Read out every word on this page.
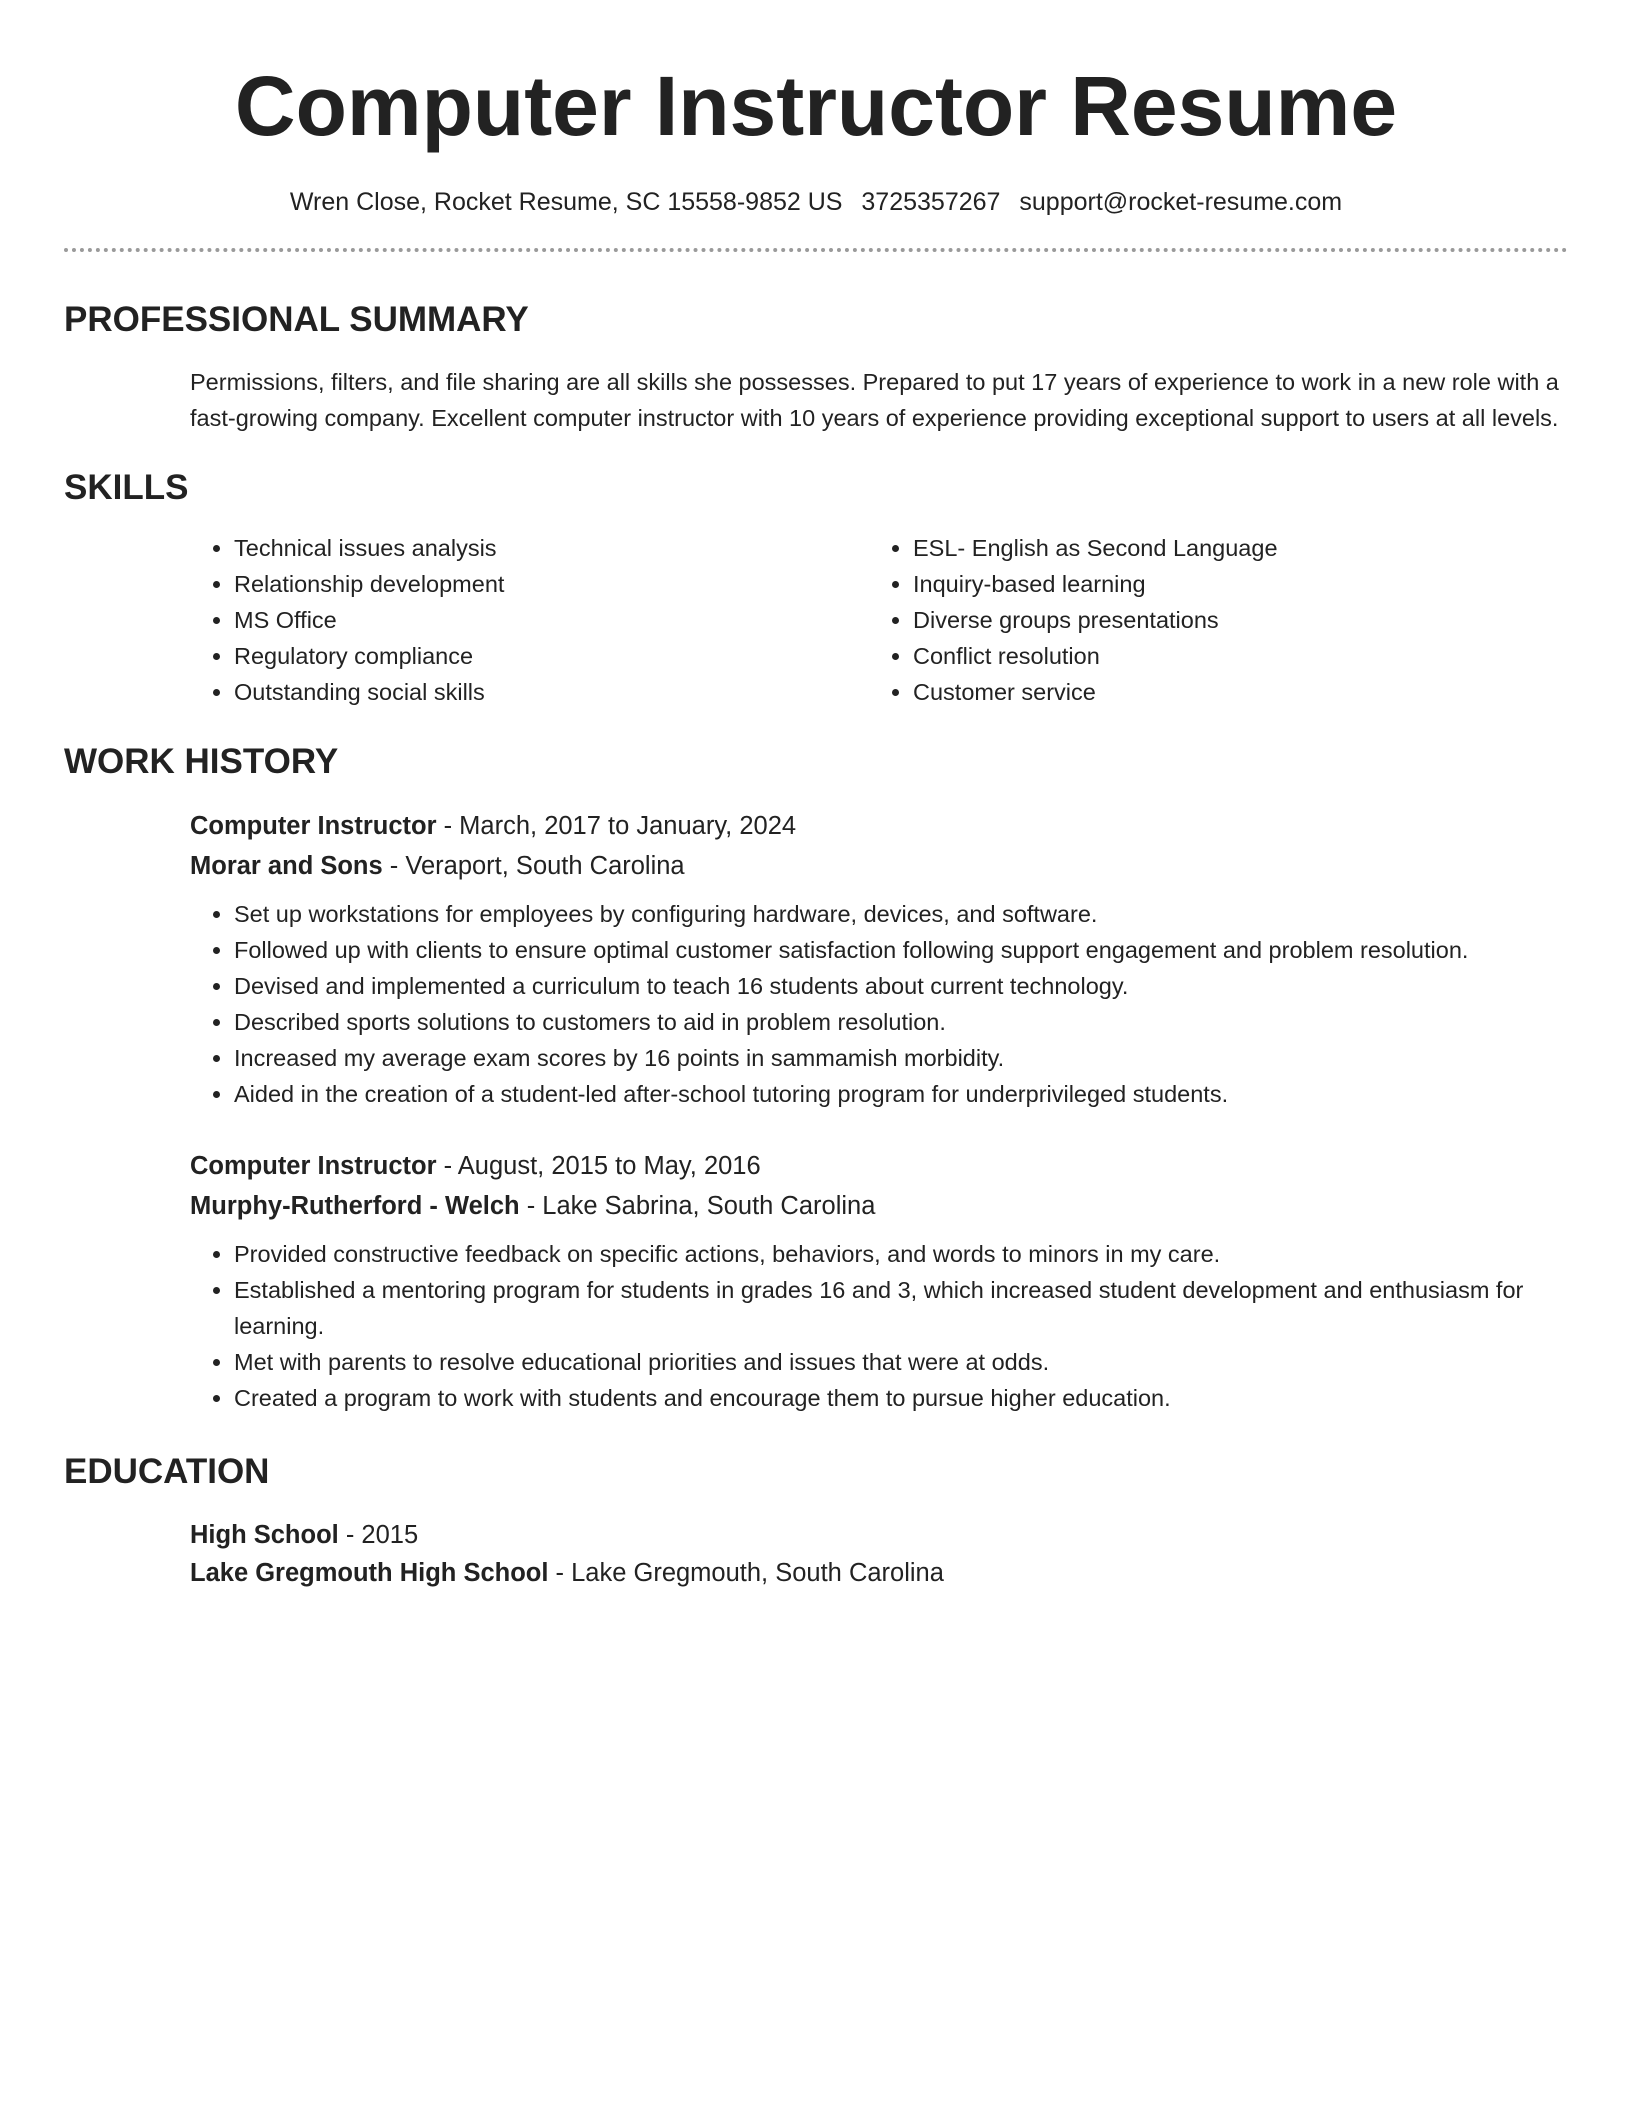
Computer Instructor Resume
Wren Close, Rocket Resume, SC 15558-9852 US 3725357267 support@rocket-resume.com
PROFESSIONAL SUMMARY

Permissions, filters, and file sharing are all skills she possesses. Prepared to put 17 years of experience to work in a new role with a fast-growing company. Excellent computer instructor with 10 years of experience providing exceptional support to users at all levels.

SKILLS
• Technical issues analysis
• Relationship development
• MS Office
• Regulatory compliance
• Outstanding social skills
• ESL- English as Second Language
• Inquiry-based learning
• Diverse groups presentations
• Conflict resolution
• Customer service
WORK HISTORY
Computer Instructor - March, 2017 to January, 2024
Morar and Sons - Veraport, South Carolina
• Set up workstations for employees by configuring hardware, devices, and software.
• Followed up with clients to ensure optimal customer satisfaction following support engagement and problem resolution.
• Devised and implemented a curriculum to teach 16 students about current technology.
• Described sports solutions to customers to aid in problem resolution.
• Increased my average exam scores by 16 points in sammamish morbidity.
• Aided in the creation of a student-led after-school tutoring program for underprivileged students.
Computer Instructor - August, 2015 to May, 2016
Murphy-Rutherford - Welch - Lake Sabrina, South Carolina
• Provided constructive feedback on specific actions, behaviors, and words to minors in my care.
• Established a mentoring program for students in grades 16 and 3, which increased student development and enthusiasm for learning.
• Met with parents to resolve educational priorities and issues that were at odds.
• Created a program to work with students and encourage them to pursue higher education.
EDUCATION
High School - 2015
Lake Gregmouth High School - Lake Gregmouth, South Carolina
